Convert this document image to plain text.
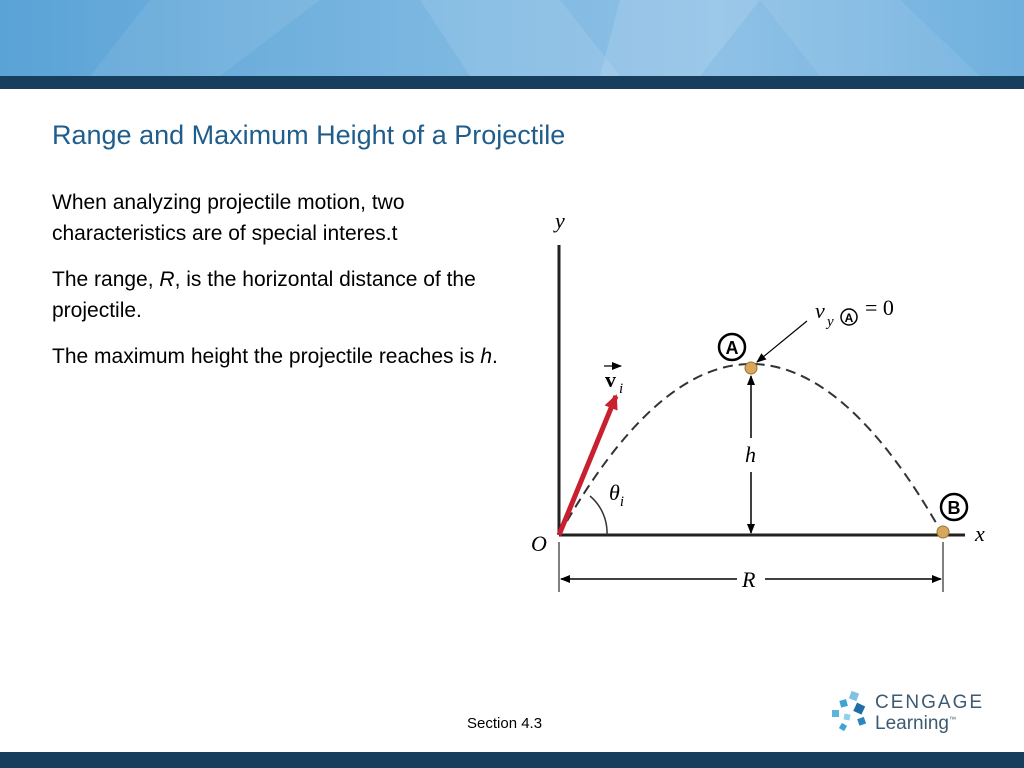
Range and Maximum Height of a Projectile

When analyzing projectile motion, two characteristics are of special interes.t

The range, R, is the horizontal distance of the projectile.

The maximum height the projectile reaches is h.

y
x
O
$\theta_i$
v i
A
v y A = 0
h
B
R
Section 4.3
CENGAGE
Learning™
